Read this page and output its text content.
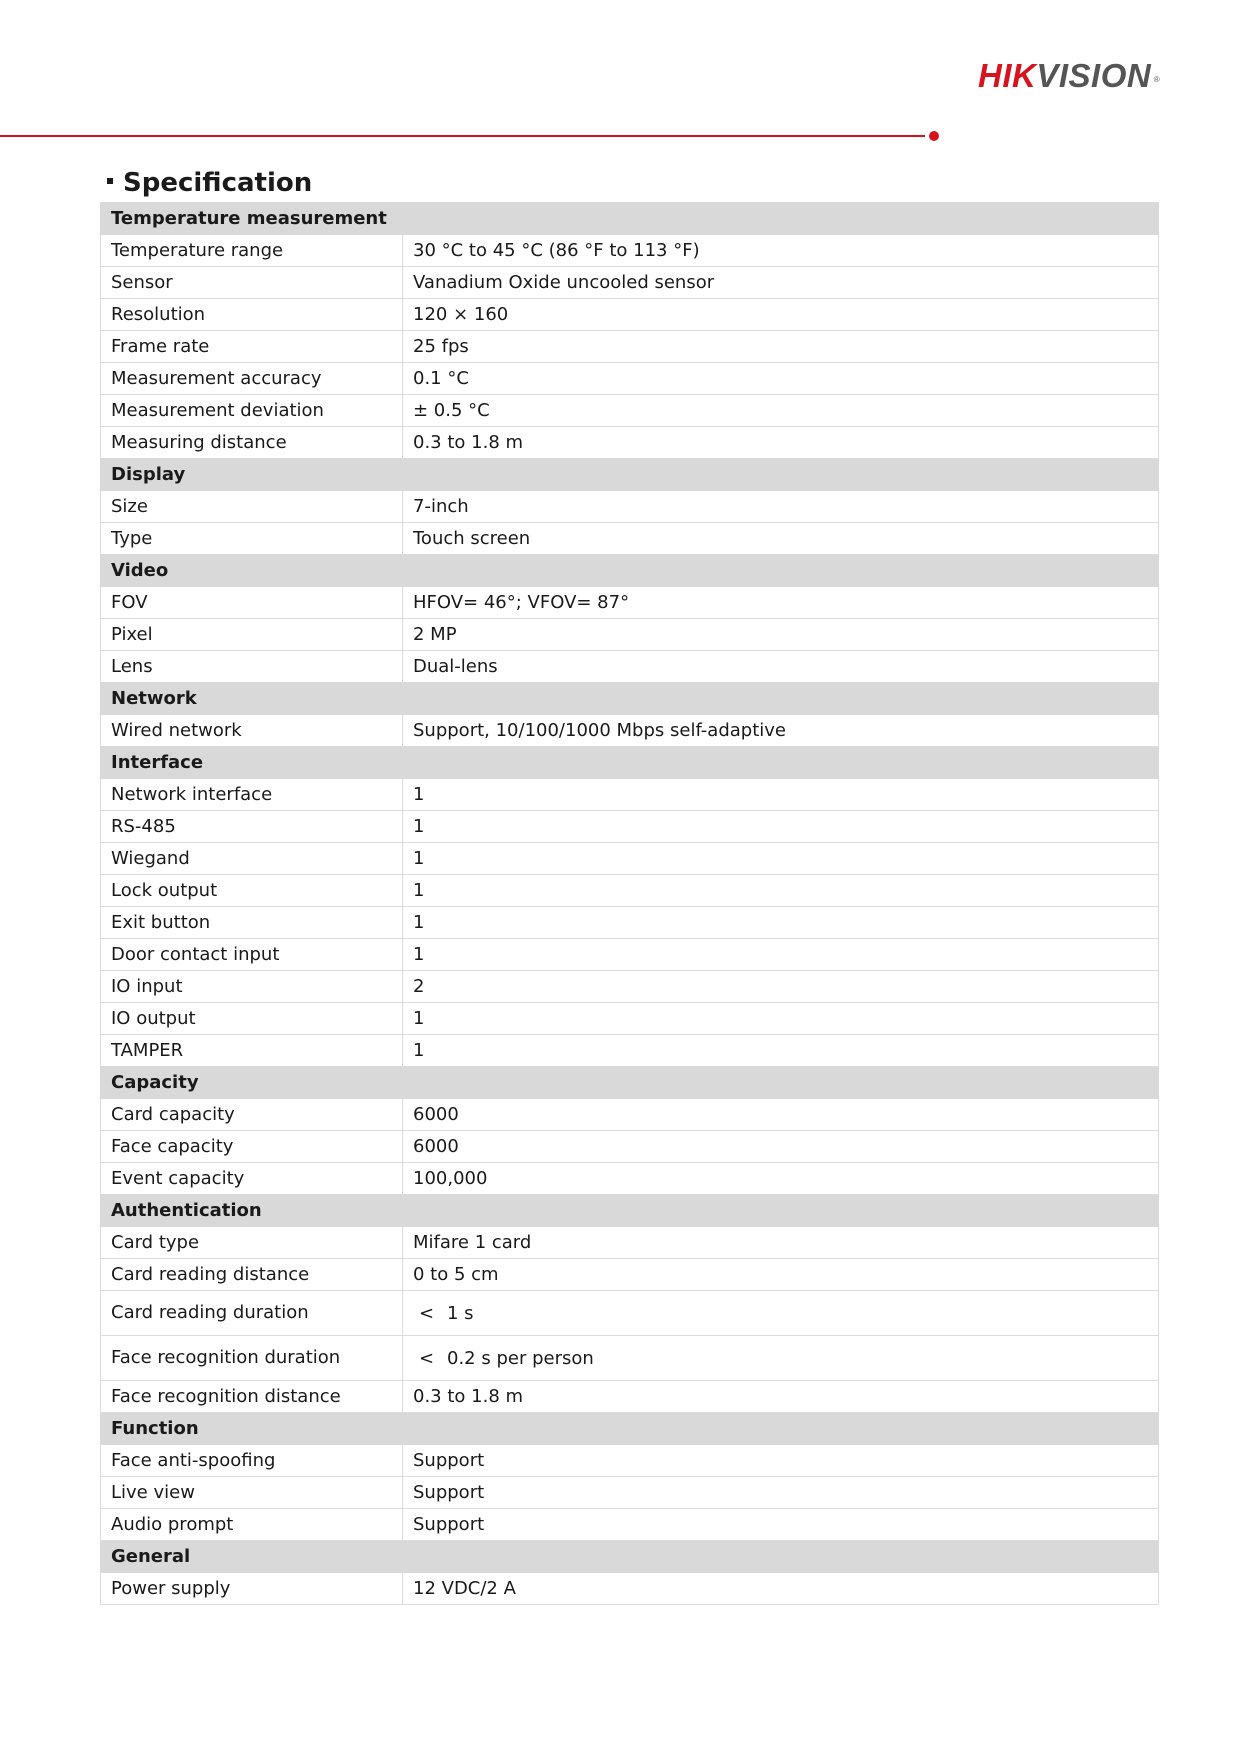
HIKVISION ®
Specification
Temperature measurement	
Temperature range	30 °C to 45 °C (86 °F to 113 °F)
Sensor	Vanadium Oxide uncooled sensor
Resolution	120 × 160
Frame rate	25 fps
Measurement accuracy	0.1 °C
Measurement deviation	± 0.5 °C
Measuring distance	0.3 to 1.8 m
Display	
Size	7-inch
Type	Touch screen
Video	
FOV	HFOV= 46°; VFOV= 87°
Pixel	2 MP
Lens	Dual-lens
Network	
Wired network	Support, 10/100/1000 Mbps self-adaptive
Interface	
Network interface	1
RS-485	1
Wiegand	1
Lock output	1
Exit button	1
Door contact input	1
IO input	2
IO output	1
TAMPER	1
Capacity	
Card capacity	6000
Face capacity	6000
Event capacity	100,000
Authentication	
Card type	Mifare 1 card
Card reading distance	0 to 5 cm
Card reading duration	< 1 s
Face recognition duration	< 0.2 s per person
Face recognition distance	0.3 to 1.8 m
Function	
Face anti-spoofing	Support
Live view	Support
Audio prompt	Support
General	
Power supply	12 VDC/2 A
